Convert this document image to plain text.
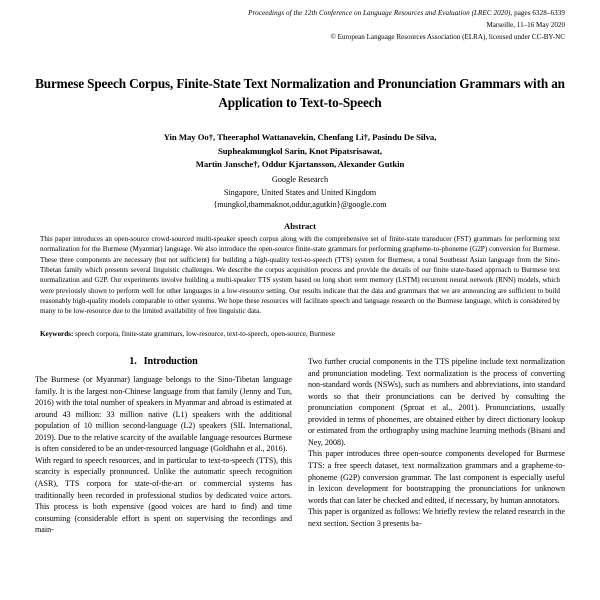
Proceedings of the 12th Conference on Language Resources and Evaluation (LREC 2020), pages 6328–6339
Marseille, 11–16 May 2020
© European Language Resources Association (ELRA), licensed under CC-BY-NC
Burmese Speech Corpus, Finite-State Text Normalization and Pronunciation Grammars with an Application to Text-to-Speech
Yin May Oo†, Theeraphol Wattanavekin, Chenfang Li†, Pasindu De Silva,
Supheakmungkol Sarin, Knot Pipatsrisawat,
Martin Jansche†, Oddur Kjartansson, Alexander Gutkin
Google Research
Singapore, United States and United Kingdom
{mungkol,thammaknot,oddur,agutkin}@google.com
Abstract
This paper introduces an open-source crowd-sourced multi-speaker speech corpus along with the comprehensive set of finite-state transducer (FST) grammars for performing text normalization for the Burmese (Myanmar) language. We also introduce the open-source finite-state grammars for performing grapheme-to-phoneme (G2P) conversion for Burmese. These three components are necessary (but not sufficient) for building a high-quality text-to-speech (TTS) system for Burmese, a tonal Southeast Asian language from the Sino-Tibetan family which presents several linguistic challenges. We describe the corpus acquisition process and provide the details of our finite state-based approach to Burmese text normalization and G2P. Our experiments involve building a multi-speaker TTS system based on long short term memory (LSTM) recurrent neural network (RNN) models, which were previously shown to perform well for other languages in a low-resource setting. Our results indicate that the data and grammars that we are announcing are sufficient to build reasonably high-quality models comparable to other systems. We hope these resources will facilitate speech and language research on the Burmese language, which is considered by many to be low-resource due to the limited availability of free linguistic data.
Keywords: speech corpora, finite-state grammars, low-resource, text-to-speech, open-source, Burmese
1. Introduction

The Burmese (or Myanmar) language belongs to the Sino-Tibetan language family. It is the largest non-Chinese language from that family (Jenny and Tun, 2016) with the total number of speakers in Myanmar and abroad is estimated at around 43 million: 33 million native (L1) speakers with the additional population of 10 million second-language (L2) speakers (SIL International, 2019). Due to the relative scarcity of the available language resources Burmese is often considered to be an under-resourced language (Goldhahn et al., 2016).

With regard to speech resources, and in particular to text-to-speech (TTS), this scarcity is especially pronounced. Unlike the automatic speech recognition (ASR), TTS corpora for state-of-the-art or commercial systems has traditionally been recorded in professional studios by dedicated voice actors. This process is both expensive (good voices are hard to find) and time consuming (considerable effort is spent on supervising the recordings and main-

Two further crucial components in the TTS pipeline include text normalization and pronunciation modeling. Text normalization is the process of converting non-standard words (NSWs), such as numbers and abbreviations, into standard words so that their pronunciations can be derived by consulting the pronunciation component (Sproat et al., 2001). Pronunciations, usually provided in terms of phonemes, are obtained either by direct dictionary lookup or estimated from the orthography using machine learning methods (Bisani and Ney, 2008).

This paper introduces three open-source components developed for Burmese TTS: a free speech dataset, text normalization grammars and a grapheme-to-phoneme (G2P) conversion grammar. The last component is especially useful in lexicon development for bootstrapping the pronunciations for unknown words that can later be checked and edited, if necessary, by human annotators.

This paper is organized as follows: We briefly review the related research in the next section. Section 3 presents ba-
